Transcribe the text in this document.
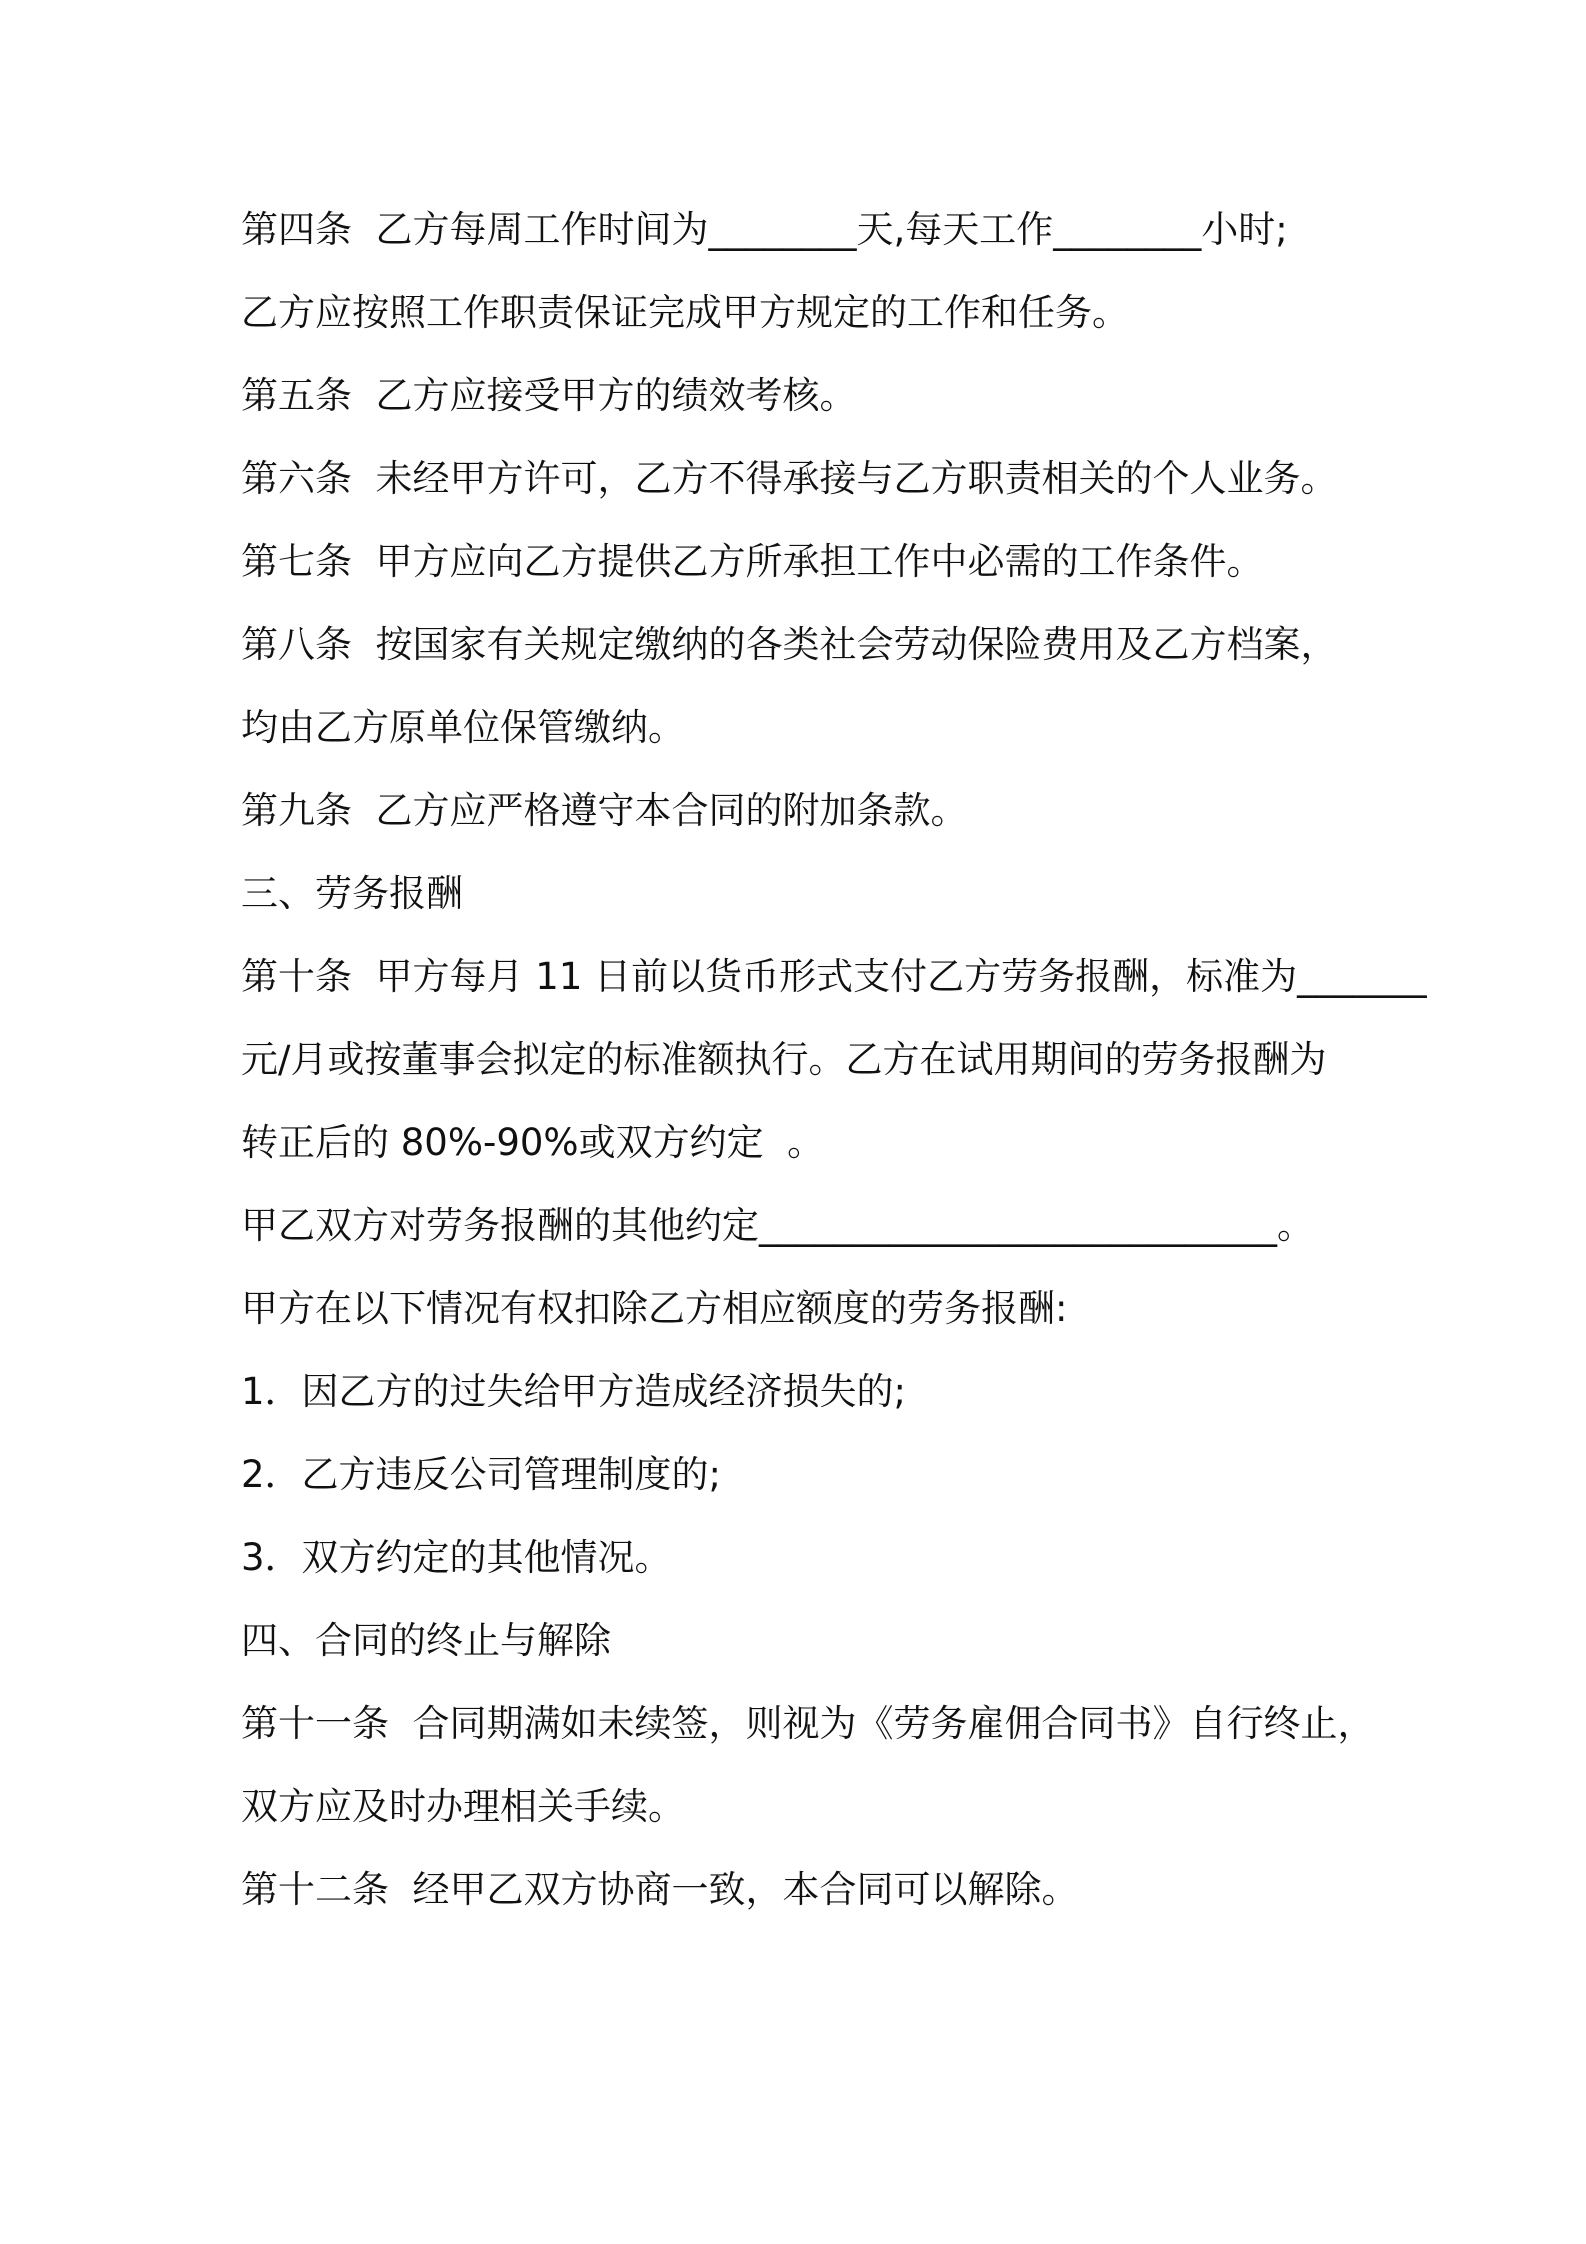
第四条  乙方每周工作时间为________天,每天工作________小时;
乙方应按照工作职责保证完成甲方规定的工作和任务。
第五条  乙方应接受甲方的绩效考核。
第六条  未经甲方许可，乙方不得承接与乙方职责相关的个人业务。
第七条  甲方应向乙方提供乙方所承担工作中必需的工作条件。
第八条  按国家有关规定缴纳的各类社会劳动保险费用及乙方档案，
均由乙方原单位保管缴纳。
第九条  乙方应严格遵守本合同的附加条款。
三、劳务报酬
第十条  甲方每月 11 日前以货币形式支付乙方劳务报酬，标准为_______
元/月或按董事会拟定的标准额执行。乙方在试用期间的劳务报酬为
转正后的 80%-90%或双方约定  。
甲乙双方对劳务报酬的其他约定____________________________。
甲方在以下情况有权扣除乙方相应额度的劳务报酬:
1．因乙方的过失给甲方造成经济损失的;
2．乙方违反公司管理制度的;
3．双方约定的其他情况。
四、合同的终止与解除
第十一条  合同期满如未续签，则视为《劳务雇佣合同书》自行终止，
双方应及时办理相关手续。
第十二条  经甲乙双方协商一致，本合同可以解除。
